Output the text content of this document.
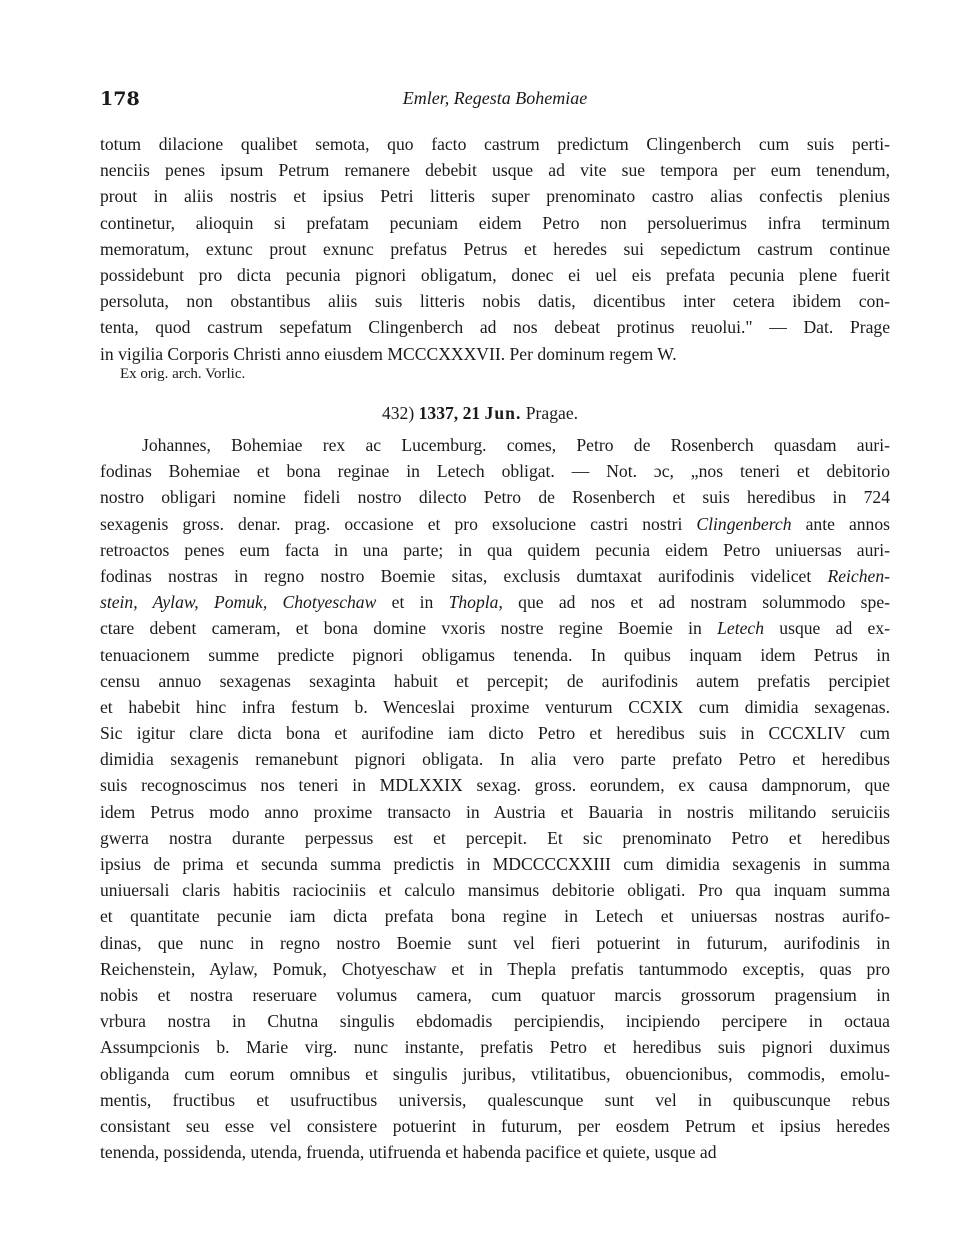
178	Emler, Regesta Bohemiae
totum dilacione qualibet semota, quo facto castrum predictum Clingenberch cum suis perti-
nenciis penes ipsum Petrum remanere debebit usque ad vite sue tempora per eum tenendum,
prout in aliis nostris et ipsius Petri litteris super prenominato castro alias confectis plenius
continetur, alioquin si prefatam pecuniam eidem Petro non persoluerimus infra terminum
memoratum, extunc prout exnunc prefatus Petrus et heredes sui sepedictum castrum continue
possidebunt pro dicta pecunia pignori obligatum, donec ei uel eis prefata pecunia plene fuerit
persoluta, non obstantibus aliis suis litteris nobis datis, dicentibus inter cetera ibidem con-
tenta, quod castrum sepefatum Clingenberch ad nos debeat protinus reuolui." — Dat. Prage
in vigilia Corporis Christi anno eiusdem MCCCXXXVII. Per dominum regem W.
Ex orig. arch. Vorlic.
432) 1337, 21 Jun. Pragae.
Johannes, Bohemiae rex ac Lucemburg. comes, Petro de Rosenberch quasdam auri-
fodinas Bohemiae et bona reginae in Letech obligat. — Not. ɔc, „nos teneri et debitorio
nostro obligari nomine fideli nostro dilecto Petro de Rosenberch et suis heredibus in 724
sexagenis gross. denar. prag. occasione et pro exsolucione castri nostri Clingenberch ante annos
retroactos penes eum facta in una parte; in qua quidem pecunia eidem Petro uniuersas auri-
fodinas nostras in regno nostro Boemie sitas, exclusis dumtaxat aurifodinis videlicet Reichen-
stein, Aylaw, Pomuk, Chotyeschaw et in Thopla, que ad nos et ad nostram solummodo spe-
ctare debent cameram, et bona domine vxoris nostre regine Boemie in Letech usque ad ex-
tenuacionem summe predicte pignori obligamus tenenda. In quibus inquam idem Petrus in
censu annuo sexagenas sexaginta habuit et percepit; de aurifodinis autem prefatis percipiet
et habebit hinc infra festum b. Wenceslai proxime venturum CCXIX cum dimidia sexagenas.
Sic igitur clare dicta bona et aurifodine iam dicto Petro et heredibus suis in CCCXLIV cum
dimidia sexagenis remanebunt pignori obligata. In alia vero parte prefato Petro et heredibus
suis recognoscimus nos teneri in MDLXXIX sexag. gross. eorundem, ex causa dampnorum, que
idem Petrus modo anno proxime transacto in Austria et Bauaria in nostris militando seruiciis
gwerra nostra durante perpessus est et percepit. Et sic prenominato Petro et heredibus
ipsius de prima et secunda summa predictis in MDCCCCXXIII cum dimidia sexagenis in summa
uniuersali claris habitis raciociniis et calculo mansimus debitorie obligati. Pro qua inquam summa
et quantitate pecunie iam dicta prefata bona regine in Letech et uniuersas nostras aurifo-
dinas, que nunc in regno nostro Boemie sunt vel fieri potuerint in futurum, aurifodinis in
Reichenstein, Aylaw, Pomuk, Chotyeschaw et in Thepla prefatis tantummodo exceptis, quas pro
nobis et nostra reseruare volumus camera, cum quatuor marcis grossorum pragensium in
vrbura nostra in Chutna singulis ebdomadis percipiendis, incipiendo percipere in octaua
Assumpcionis b. Marie virg. nunc instante, prefatis Petro et heredibus suis pignori duximus
obliganda cum eorum omnibus et singulis juribus, vtilitatibus, obuencionibus, commodis, emolu-
mentis, fructibus et usufructibus universis, qualescunque sunt vel in quibuscunque rebus
consistant seu esse vel consistere potuerint in futurum, per eosdem Petrum et ipsius heredes
tenenda, possidenda, utenda, fruenda, utifruenda et habenda pacifice et quiete, usque ad
